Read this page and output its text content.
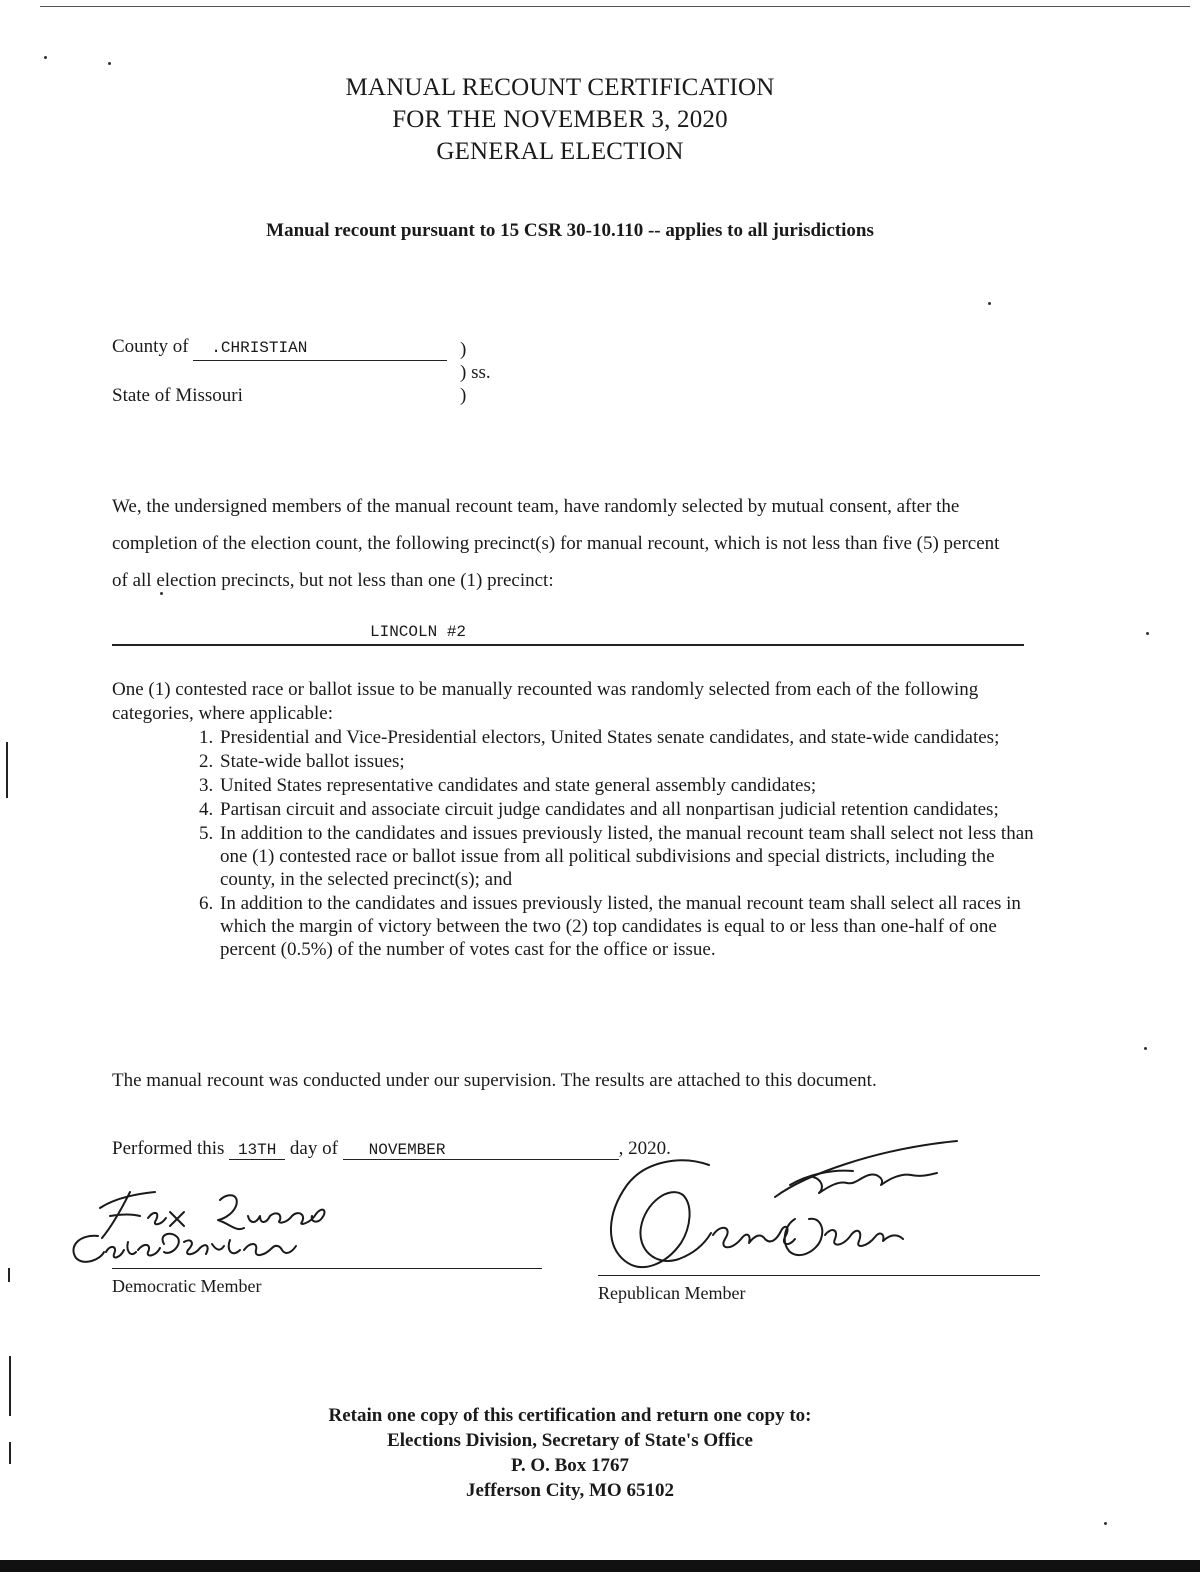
MANUAL RECOUNT CERTIFICATION
FOR THE NOVEMBER 3, 2020
GENERAL ELECTION
Manual recount pursuant to 15 CSR 30-10.110 -- applies to all jurisdictions
County of .CHRISTIAN
State of Missouri
)
) ss.
)
We, the undersigned members of the manual recount team, have randomly selected by mutual consent, after the completion of the election count, the following precinct(s) for manual recount, which is not less than five (5) percent of all election precincts, but not less than one (1) precinct:
LINCOLN #2
One (1) contested race or ballot issue to be manually recounted was randomly selected from each of the following categories, where applicable:
1. Presidential and Vice-Presidential electors, United States senate candidates, and state-wide candidates;
2. State-wide ballot issues;
3. United States representative candidates and state general assembly candidates;
4. Partisan circuit and associate circuit judge candidates and all nonpartisan judicial retention candidates;
5. In addition to the candidates and issues previously listed, the manual recount team shall select not less than one (1) contested race or ballot issue from all political subdivisions and special districts, including the county, in the selected precinct(s); and
6. In addition to the candidates and issues previously listed, the manual recount team shall select all races in which the margin of victory between the two (2) top candidates is equal to or less than one-half of one percent (0.5%) of the number of votes cast for the office or issue.
The manual recount was conducted under our supervision. The results are attached to this document.
Performed this 13TH day of NOVEMBER	, 2020.
Democratic Member	Republican Member
Retain one copy of this certification and return one copy to:
Elections Division, Secretary of State's Office
P. O. Box 1767
Jefferson City, MO 65102
